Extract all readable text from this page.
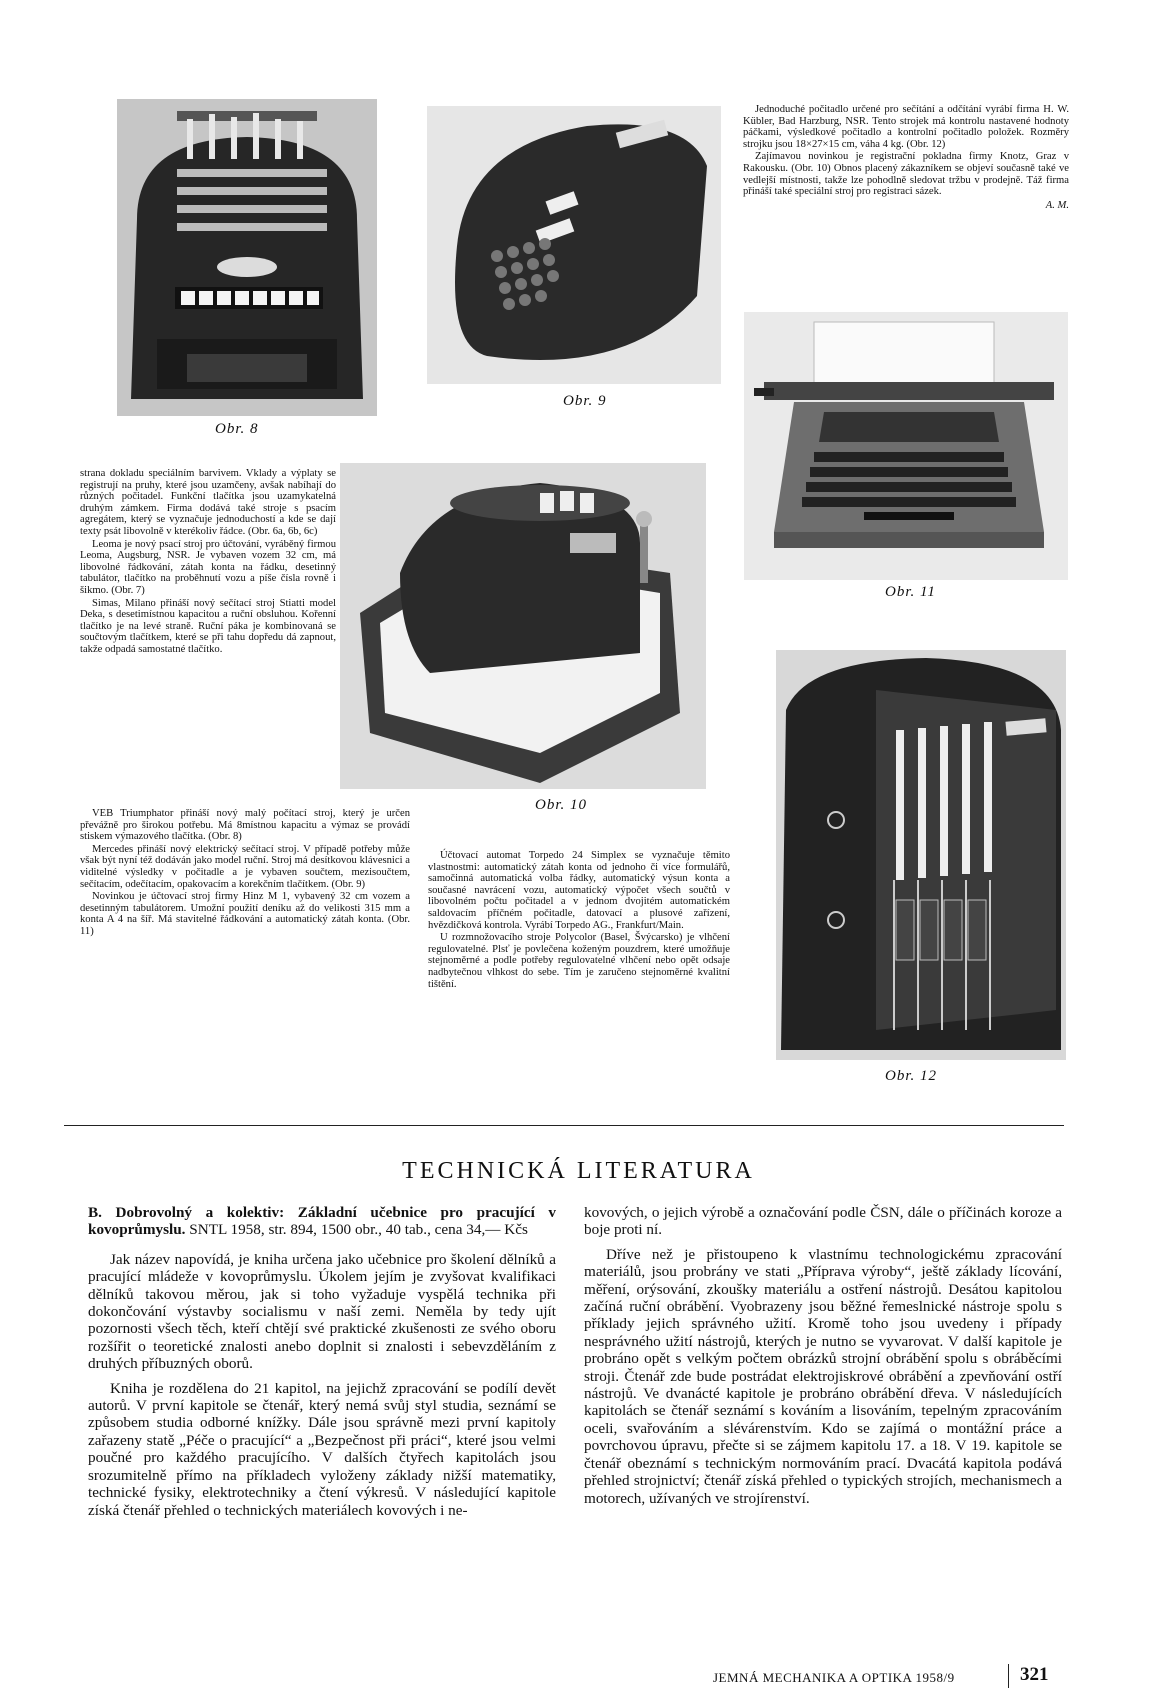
Obr. 8
Obr. 9

Jednoduché počitadlo určené pro sečítání a odčítání vyrábí firma H. W. Kübler, Bad Harzburg, NSR. Tento strojek má kontrolu nastavené hodnoty páčkami, výsledkové počitadlo a kontrolní počitadlo položek. Rozměry strojku jsou 18×27×15 cm, váha 4 kg. (Obr. 12)

Zajímavou novinkou je registrační pokladna firmy Knotz, Graz v Rakousku. (Obr. 10) Obnos placený zákazníkem se objeví současně také ve vedlejší místnosti, takže lze pohodlně sledovat tržbu v prodejně. Táž firma přináší také speciální stroj pro registraci sázek.

A. M.
Obr. 11

strana dokladu speciálním barvivem. Vklady a výplaty se registrují na pruhy, které jsou uzamčeny, avšak nabíhají do různých počitadel. Funkční tlačítka jsou uzamykatelná druhým zámkem. Firma dodává také stroje s psacím agregátem, který se vyznačuje jednoduchostí a kde se dají texty psát libovolně v kterékoliv řádce. (Obr. 6a, 6b, 6c)

Leoma je nový psací stroj pro účtování, vyráběný firmou Leoma, Augsburg, NSR. Je vybaven vozem 32 cm, má libovolné řádkování, zátah konta na řádku, desetinný tabulátor, tlačítko na proběhnutí vozu a píše čísla rovně i šikmo. (Obr. 7)

Simas, Milano přináší nový sečítací stroj Stiatti model Deka, s desetimístnou kapacitou a ruční obsluhou. Kořenní tlačítko je na levé straně. Ruční páka je kombinovaná se součtovým tlačítkem, které se při tahu dopředu dá zapnout, takže odpadá samostatné tlačítko.

Obr. 10

VEB Triumphator přináší nový malý počítací stroj, který je určen převážně pro širokou potřebu. Má 8místnou kapacitu a výmaz se provádí stiskem výmazového tlačítka. (Obr. 8)

Mercedes přináší nový elektrický sečítací stroj. V případě potřeby může však být nyní též dodáván jako model ruční. Stroj má desítkovou klávesnici a viditelné výsledky v počitadle a je vybaven součtem, mezisoučtem, sečítacím, odečítacím, opakovacím a korekčním tlačítkem. (Obr. 9)

Novinkou je účtovací stroj firmy Hinz M 1, vybavený 32 cm vozem a desetinným tabulátorem. Umožní použití deníku až do velikosti 315 mm a konta A 4 na šíř. Má stavitelné řádkování a automatický zátah konta. (Obr. 11)

Účtovací automat Torpedo 24 Simplex se vyznačuje těmito vlastnostmi: automatický zátah konta od jednoho či více formulářů, samočinná automatická volba řádky, automatický výsun konta a současné navrácení vozu, automatický výpočet všech součtů v libovolném počtu počitadel a v jednom dvojitém automatickém saldovacím příčném počitadle, datovací a plusové zařízení, hvězdičková kontrola. Vyrábí Torpedo AG., Frankfurt/Main.

U rozmnožovacího stroje Polycolor (Basel, Švýcarsko) je vlhčení regulovatelné. Plsť je povlečena koženým pouzdrem, které umožňuje stejnoměrné a podle potřeby regulovatelné vlhčení nebo opět odsaje nadbytečnou vlhkost do sebe. Tím je zaručeno stejnoměrné kvalitní tištění.

Obr. 12
TECHNICKÁ LITERATURA

B. Dobrovolný a kolektiv: Základní učebnice pro pracující v kovoprůmyslu. SNTL 1958, str. 894, 1500 obr., 40 tab., cena 34,— Kčs

Jak název napovídá, je kniha určena jako učebnice pro školení dělníků a pracující mládeže v kovoprůmyslu. Úkolem jejím je zvyšovat kvalifikaci dělníků takovou měrou, jak si toho vyžaduje vyspělá technika při dokončování výstavby socialismu v naší zemi. Neměla by tedy ujít pozornosti všech těch, kteří chtějí své praktické zkušenosti ze svého oboru rozšířit o teoretické znalosti anebo doplnit si znalosti i sebevzděláním z druhých příbuzných oborů.

Kniha je rozdělena do 21 kapitol, na jejichž zpracování se podílí devět autorů. V první kapitole se čtenář, který nemá svůj styl studia, seznámí se způsobem studia odborné knížky. Dále jsou správně mezi první kapitoly zařazeny statě „Péče o pracující“ a „Bezpečnost při práci“, které jsou velmi poučné pro každého pracujícího. V dalších čtyřech kapitolách jsou srozumitelně přímo na příkladech vyloženy základy nižší matematiky, technické fysiky, elektrotechniky a čtení výkresů. V následující kapitole získá čtenář přehled o technických materiálech kovových i ne-

kovových, o jejich výrobě a označování podle ČSN, dále o příčinách koroze a boje proti ní.

Dříve než je přistoupeno k vlastnímu technologickému zpracování materiálů, jsou probrány ve stati „Příprava výroby“, ještě základy lícování, měření, orýsování, zkoušky materiálu a ostření nástrojů. Desátou kapitolou začíná ruční obrábění. Vyobrazeny jsou běžné řemeslnické nástroje spolu s příklady jejich správného užití. Kromě toho jsou uvedeny i případy nesprávného užití nástrojů, kterých je nutno se vyvarovat. V další kapitole je probráno opět s velkým počtem obrázků strojní obrábění spolu s obráběcími stroji. Čtenář zde bude postrádat elektrojiskrové obrábění a zpevňování ostří nástrojů. Ve dvanácté kapitole je probráno obrábění dřeva. V následujících kapitolách se čtenář seznámí s kováním a lisováním, tepelným zpracováním oceli, svařováním a slévárenstvím. Kdo se zajímá o montážní práce a povrchovou úpravu, přečte si se zájmem kapitolu 17. a 18. V 19. kapitole se čtenář obeznámí s technickým normováním prací. Dvacátá kapitola podává přehled strojnictví; čtenář získá přehled o typických strojích, mechanismech a motorech, užívaných ve strojírenství.

JEMNÁ MECHANIKA A OPTIKA 1958/9	321
